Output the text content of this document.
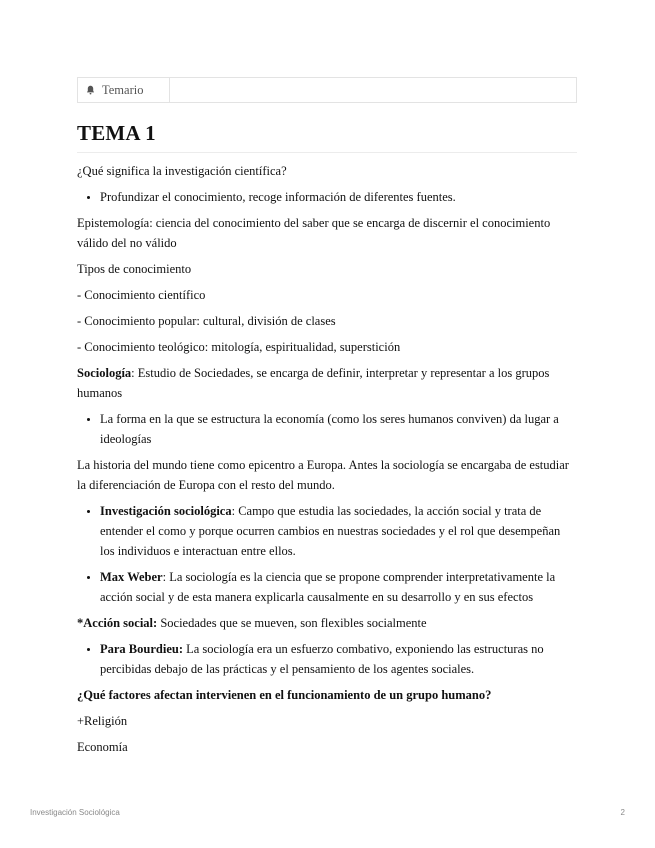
Temario
TEMA 1

¿Qué significa la investigación científica?

• Profundizar el conocimiento, recoge información de diferentes fuentes.

Epistemología: ciencia del conocimiento del saber que se encarga de discernir el conocimiento válido del no válido

Tipos de conocimiento

- Conocimiento científico

- Conocimiento popular: cultural, división de clases

- Conocimiento teológico: mitología, espiritualidad, superstición

Sociología: Estudio de Sociedades, se encarga de definir, interpretar y representar a los grupos humanos

• La forma en la que se estructura la economía (como los seres humanos conviven) da lugar a ideologías

La historia del mundo tiene como epicentro a Europa. Antes la sociología se encargaba de estudiar la diferenciación de Europa con el resto del mundo.

• Investigación sociológica: Campo que estudia las sociedades, la acción social y trata de entender el como y porque ocurren cambios en nuestras sociedades y el rol que desempeñan los individuos e interactuan entre ellos.
• Max Weber: La sociología es la ciencia que se propone comprender interpretativamente la acción social y de esta manera explicarla causalmente en su desarrollo y en sus efectos

*Acción social: Sociedades que se mueven, son flexibles socialmente

• Para Bourdieu: La sociología era un esfuerzo combativo, exponiendo las estructuras no percibidas debajo de las prácticas y el pensamiento de los agentes sociales.

¿Qué factores afectan intervienen en el funcionamiento de un grupo humano?

+Religión

Economía

Investigación Sociológica	2
